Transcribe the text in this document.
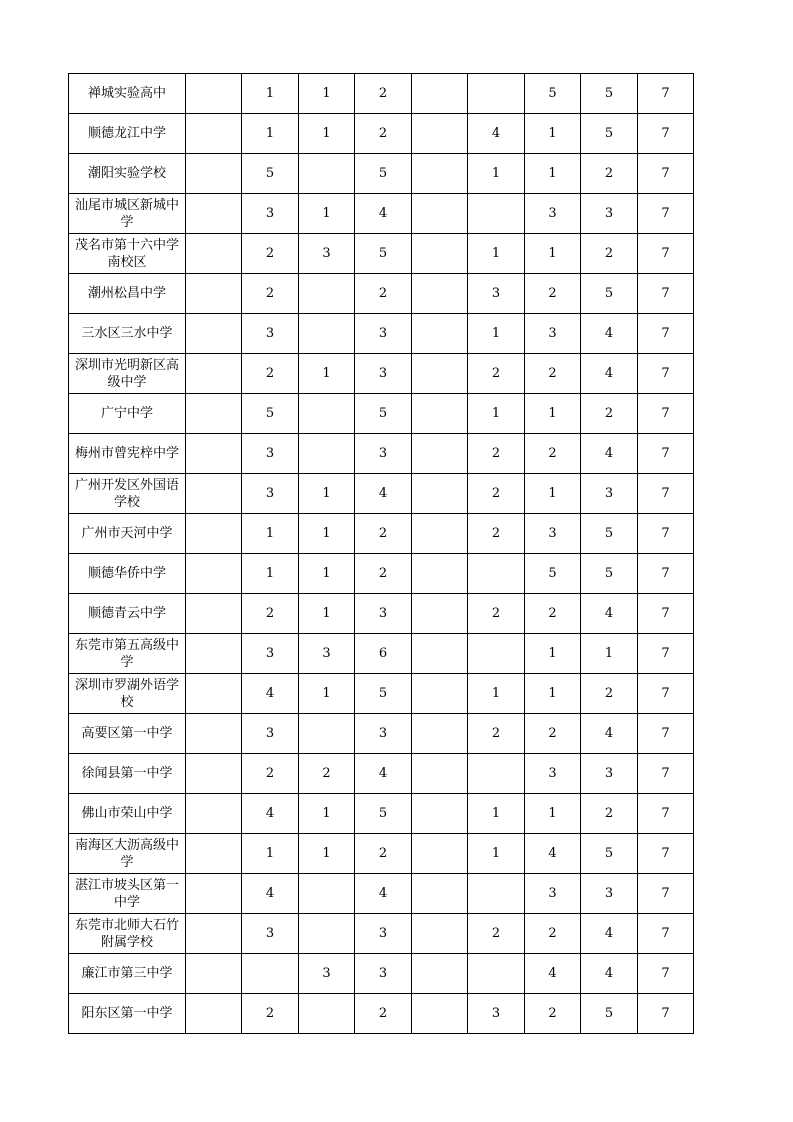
禅城实验高中		1	1	2			5	5	7
顺德龙江中学		1	1	2		4	1	5	7
潮阳实验学校		5		5		1	1	2	7
汕尾市城区新城中学		3	1	4			3	3	7
茂名市第十六中学南校区		2	3	5		1	1	2	7
潮州松昌中学		2		2		3	2	5	7
三水区三水中学		3		3		1	3	4	7
深圳市光明新区高级中学		2	1	3		2	2	4	7
广宁中学		5		5		1	1	2	7
梅州市曾宪梓中学		3		3		2	2	4	7
广州开发区外国语学校		3	1	4		2	1	3	7
广州市天河中学		1	1	2		2	3	5	7
顺德华侨中学		1	1	2			5	5	7
顺德青云中学		2	1	3		2	2	4	7
东莞市第五高级中学		3	3	6			1	1	7
深圳市罗湖外语学校		4	1	5		1	1	2	7
高要区第一中学		3		3		2	2	4	7
徐闻县第一中学		2	2	4			3	3	7
佛山市荣山中学		4	1	5		1	1	2	7
南海区大沥高级中学		1	1	2		1	4	5	7
湛江市坡头区第一中学		4		4			3	3	7
东莞市北师大石竹附属学校		3		3		2	2	4	7
廉江市第三中学			3	3			4	4	7
阳东区第一中学		2		2		3	2	5	7
